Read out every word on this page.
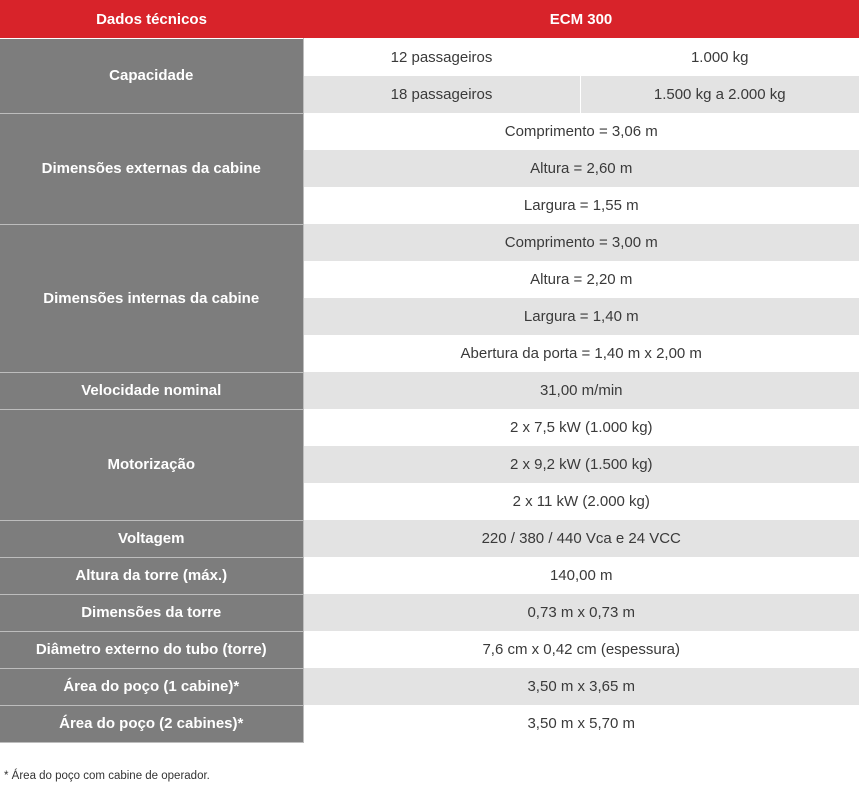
Dados técnicos	ECM 300	
Capacidade	12 passageiros	1.000 kg
	18 passageiros	1.500 kg a 2.000 kg
Dimensões externas da cabine	Comprimento = 3,06 m	
	Altura = 2,60 m	
	Largura = 1,55 m	
Dimensões internas da cabine	Comprimento = 3,00 m	
	Altura = 2,20 m	
	Largura = 1,40 m	
	Abertura da porta = 1,40 m x 2,00 m	
Velocidade nominal	31,00 m/min	
Motorização	2 x 7,5 kW (1.000 kg)	
	2 x 9,2 kW (1.500 kg)	
	2 x 11 kW (2.000 kg)	
Voltagem	220 / 380 / 440 Vca e 24 VCC	
Altura da torre (máx.)	140,00 m	
Dimensões da torre	0,73 m x 0,73 m	
Diâmetro externo do tubo (torre)	7,6 cm x 0,42 cm (espessura)	
Área do poço (1 cabine)*	3,50 m x 3,65 m	
Área do poço (2 cabines)*	3,50 m x 5,70 m	
* Área do poço com cabine de operador.
